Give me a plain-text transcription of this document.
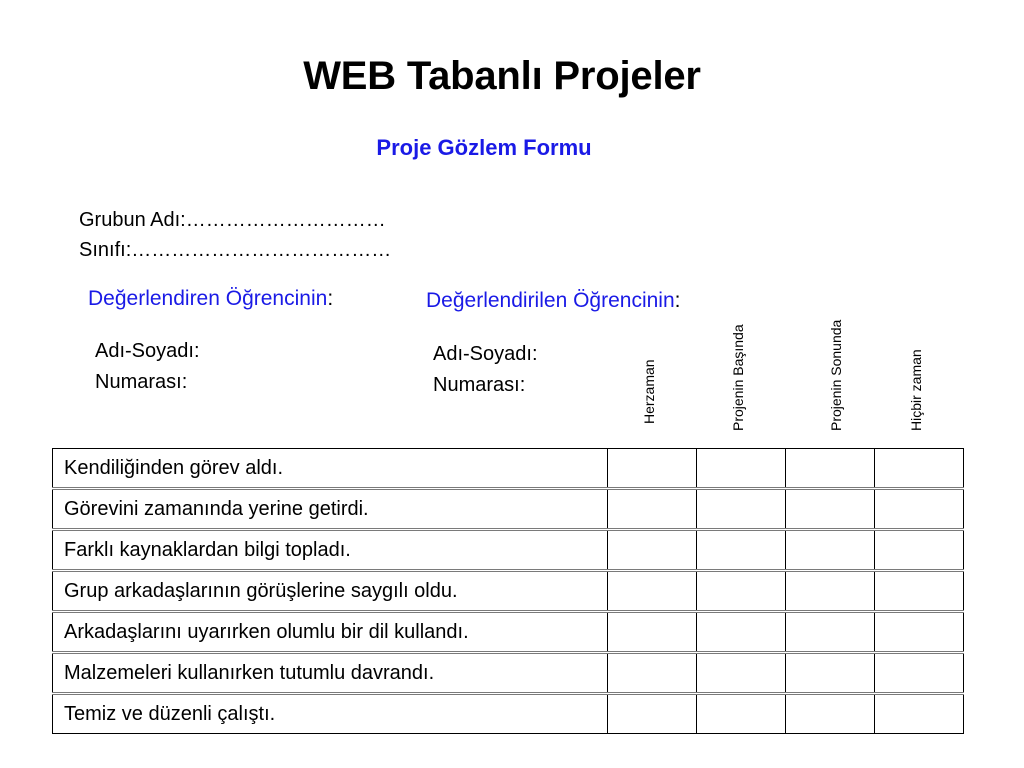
WEB Tabanlı Projeler
Proje Gözlem Formu
Grubun Adı:…………………………
Sınıfı:…………………………………
Değerlendiren Öğrencinin:	Değerlendirilen Öğrencinin:
Adı-Soyadı:
Numarası:
Adı-Soyadı:
Numarası:	Herzaman	Projenin Başında	Projenin Sonunda	Hiçbir zaman
Kendiliğinden görev aldı.				
Görevini zamanında yerine getirdi.				
Farklı kaynaklardan bilgi topladı.				
Grup arkadaşlarının görüşlerine saygılı oldu.				
Arkadaşlarını uyarırken olumlu bir dil kullandı.				
Malzemeleri kullanırken tutumlu davrandı.				
Temiz ve düzenli çalıştı.				
